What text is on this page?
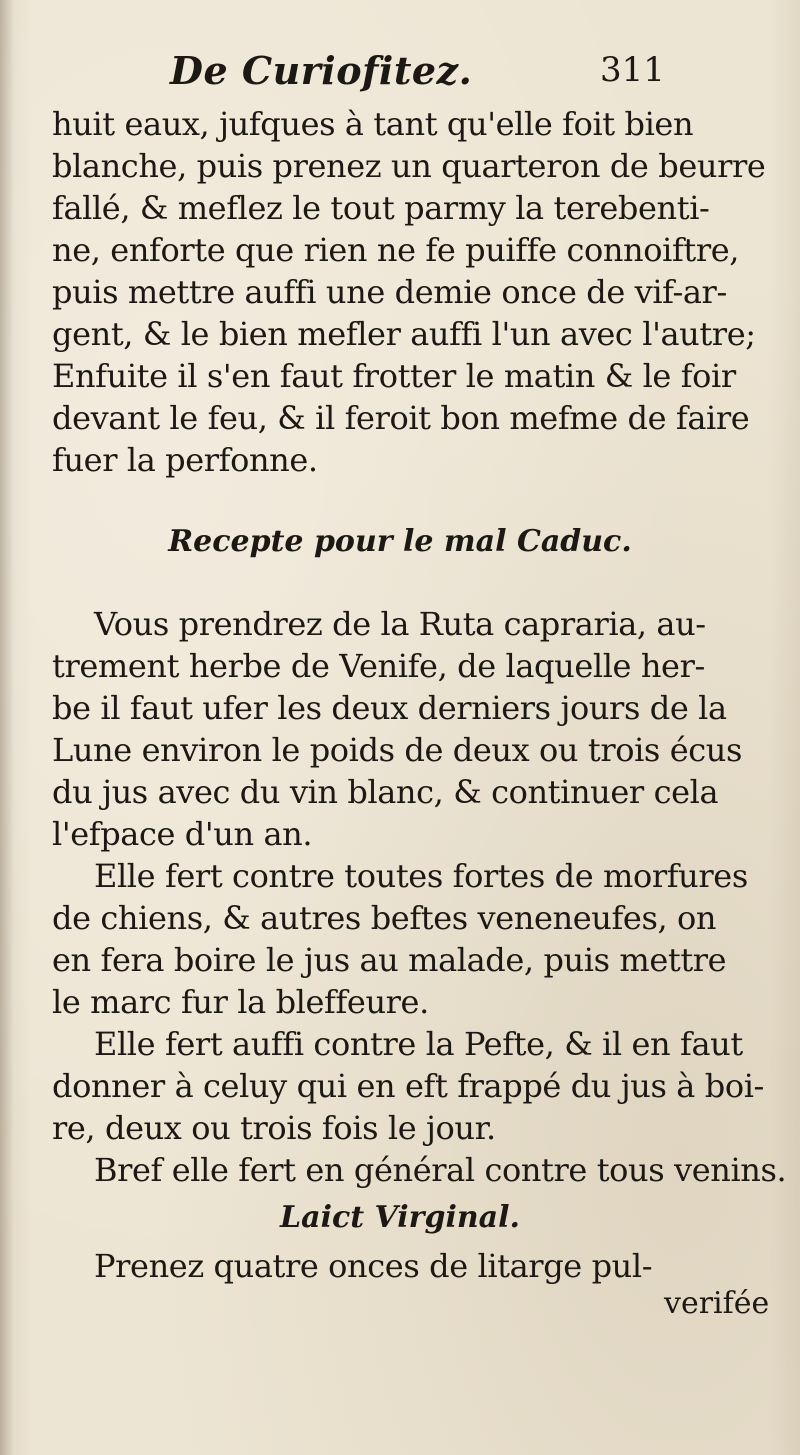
De Curiofitez.	311
huit eaux, jufques à tant qu'elle foit bien
blanche, puis prenez un quarteron de beurre
fallé, & meflez le tout parmy la terebenti-
ne, enforte que rien ne fe puiffe connoiftre,
puis mettre auffi une demie once de vif-ar-
gent, & le bien mefler auffi l'un avec l'autre;
Enfuite il s'en faut frotter le matin & le foir
devant le feu, & il feroit bon mefme de faire
fuer la perfonne.
Recepte pour le mal Caduc.
Vous prendrez de la Ruta capraria, au-
trement herbe de Venife, de laquelle her-
be il faut ufer les deux derniers jours de la
Lune environ le poids de deux ou trois écus
du jus avec du vin blanc, & continuer cela
l'efpace d'un an.
Elle fert contre toutes fortes de morfures
de chiens, & autres beftes veneneufes, on
en fera boire le jus au malade, puis mettre
le marc fur la bleffeure.
Elle fert auffi contre la Pefte, & il en faut
donner à celuy qui en eft frappé du jus à boi-
re, deux ou trois fois le jour.
Bref elle fert en général contre tous venins.
Laict Virginal.
Prenez quatre onces de litarge pul-
verifée
